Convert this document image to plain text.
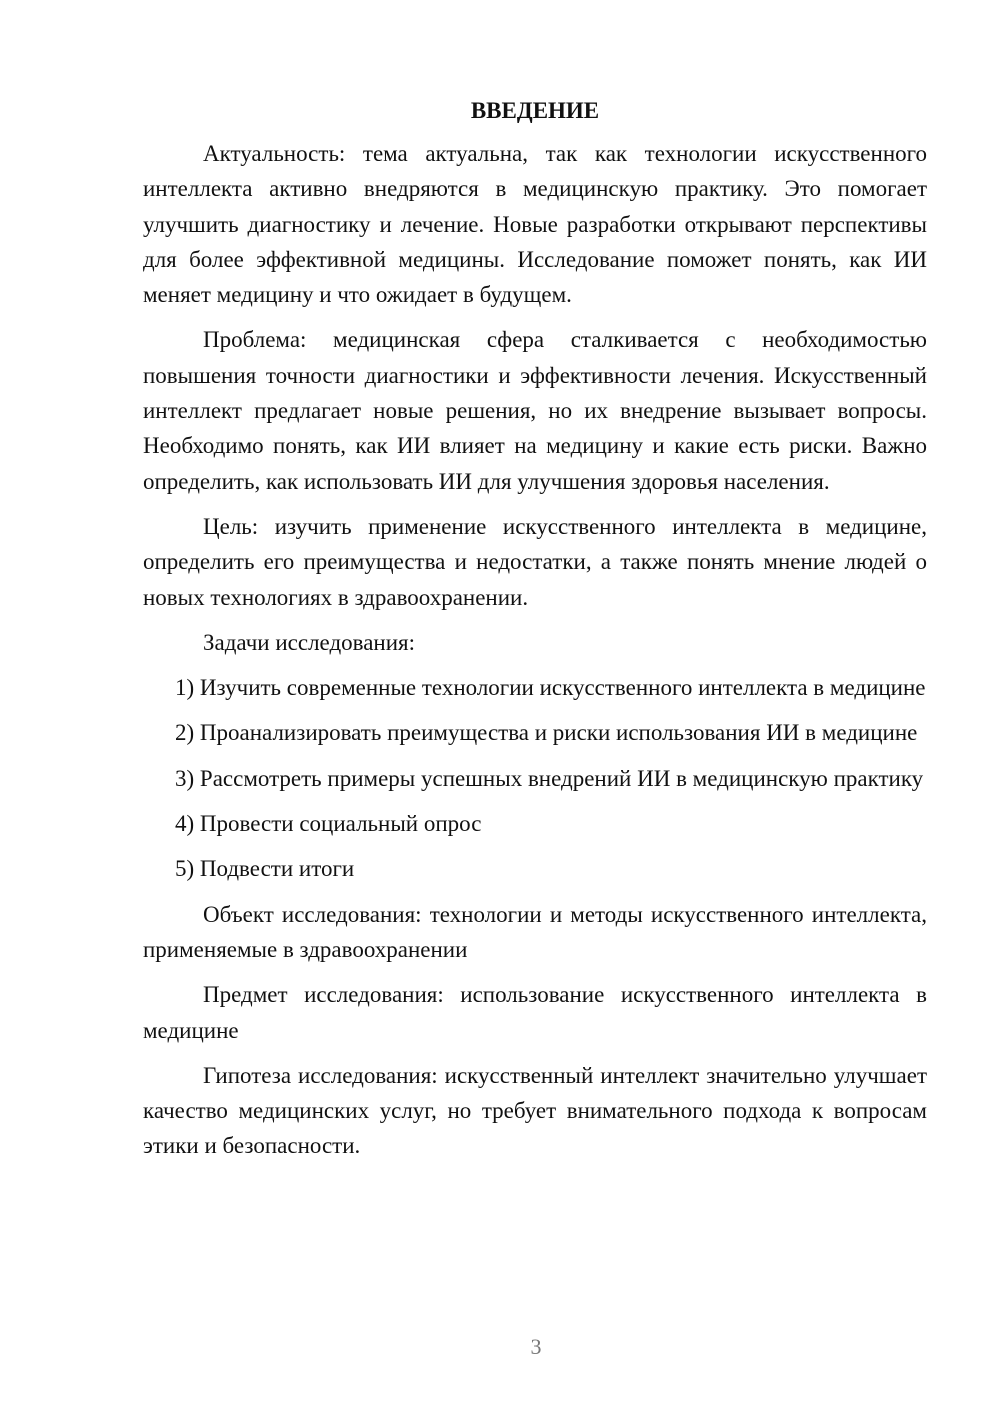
ВВЕДЕНИЕ

Актуальность: тема актуальна, так как технологии искусственного интеллекта активно внедряются в медицинскую практику. Это помогает улучшить диагностику и лечение. Новые разработки открывают перспективы для более эффективной медицины. Исследование поможет понять, как ИИ меняет медицину и что ожидает в будущем.

Проблема: медицинская сфера сталкивается с необходимостью повышения точности диагностики и эффективности лечения. Искусственный интеллект предлагает новые решения, но их внедрение вызывает вопросы. Необходимо понять, как ИИ влияет на медицину и какие есть риски. Важно определить, как использовать ИИ для улучшения здоровья населения.

Цель: изучить применение искусственного интеллекта в медицине, определить его преимущества и недостатки, а также понять мнение людей о новых технологиях в здравоохранении.

Задачи исследования:

1) Изучить современные технологии искусственного интеллекта в медицине

2) Проанализировать преимущества и риски использования ИИ в медицине

3) Рассмотреть примеры успешных внедрений ИИ в медицинскую практику

4) Провести социальный опрос

5) Подвести итоги

Объект исследования: технологии и методы искусственного интеллекта, применяемые в здравоохранении

Предмет исследования: использование искусственного интеллекта в медицине

Гипотеза исследования: искусственный интеллект значительно улучшает качество медицинских услуг, но требует внимательного подхода к вопросам этики и безопасности.

3
